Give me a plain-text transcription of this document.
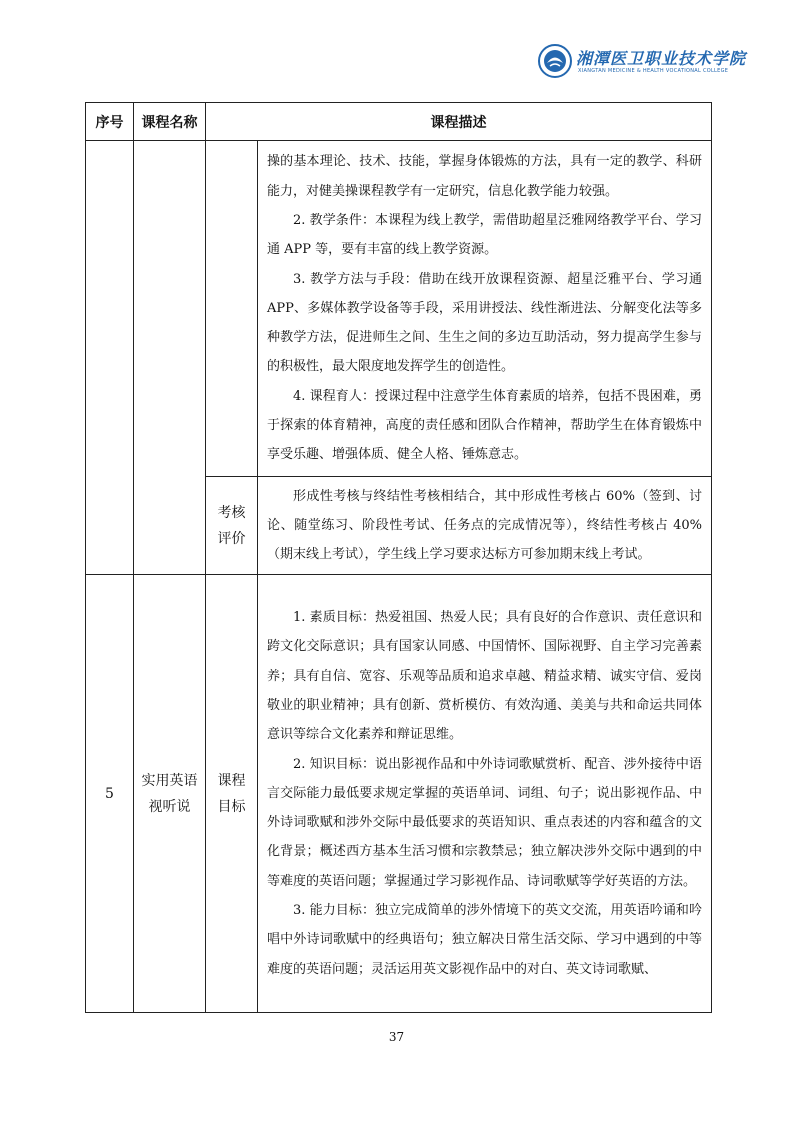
湘潭医卫职业技术学院
XIANGTAN MEDICINE & HEALTH VOCATIONAL COLLEGE
序号	课程名称	课程描述	

			操的基本理论、技术、技能，掌握身体锻炼的方法，具有一定的教学、科研能力，对健美操课程教学有一定研究，信息化教学能力较强。

2. 教学条件：本课程为线上教学，需借助超星泛雅网络教学平台、学习通 APP 等，要有丰富的线上教学资源。

3. 教学方法与手段：借助在线开放课程资源、超星泛雅平台、学习通 APP、多媒体教学设备等手段，采用讲授法、线性渐进法、分解变化法等多种教学方法，促进师生之间、生生之间的多边互助活动，努力提高学生参与的积极性，最大限度地发挥学生的创造性。

4. 课程育人：授课过程中注意学生体育素质的培养，包括不畏困难，勇于探索的体育精神，高度的责任感和团队合作精神，帮助学生在体育锻炼中享受乐趣、增强体质、健全人格、锤炼意志。

		考核评价	形成性考核与终结性考核相结合，其中形成性考核占 60%（签到、讨论、随堂练习、阶段性考试、任务点的完成情况等），终结性考核占 40%（期末线上考试），学生线上学习要求达标方可参加期末线上考试。

5	实用英语视听说	课程目标	1. 素质目标：热爱祖国、热爱人民；具有良好的合作意识、责任意识和跨文化交际意识；具有国家认同感、中国情怀、国际视野、自主学习完善素养；具有自信、宽容、乐观等品质和追求卓越、精益求精、诚实守信、爱岗敬业的职业精神；具有创新、赏析模仿、有效沟通、美美与共和命运共同体意识等综合文化素养和辩证思维。

2. 知识目标：说出影视作品和中外诗词歌赋赏析、配音、涉外接待中语言交际能力最低要求规定掌握的英语单词、词组、句子；说出影视作品、中外诗词歌赋和涉外交际中最低要求的英语知识、重点表述的内容和蕴含的文化背景；概述西方基本生活习惯和宗教禁忌；独立解决涉外交际中遇到的中等难度的英语问题；掌握通过学习影视作品、诗词歌赋等学好英语的方法。

3. 能力目标：独立完成简单的涉外情境下的英文交流，用英语吟诵和吟唱中外诗词歌赋中的经典语句；独立解决日常生活交际、学习中遇到的中等难度的英语问题；灵活运用英文影视作品中的对白、英文诗词歌赋、

37
